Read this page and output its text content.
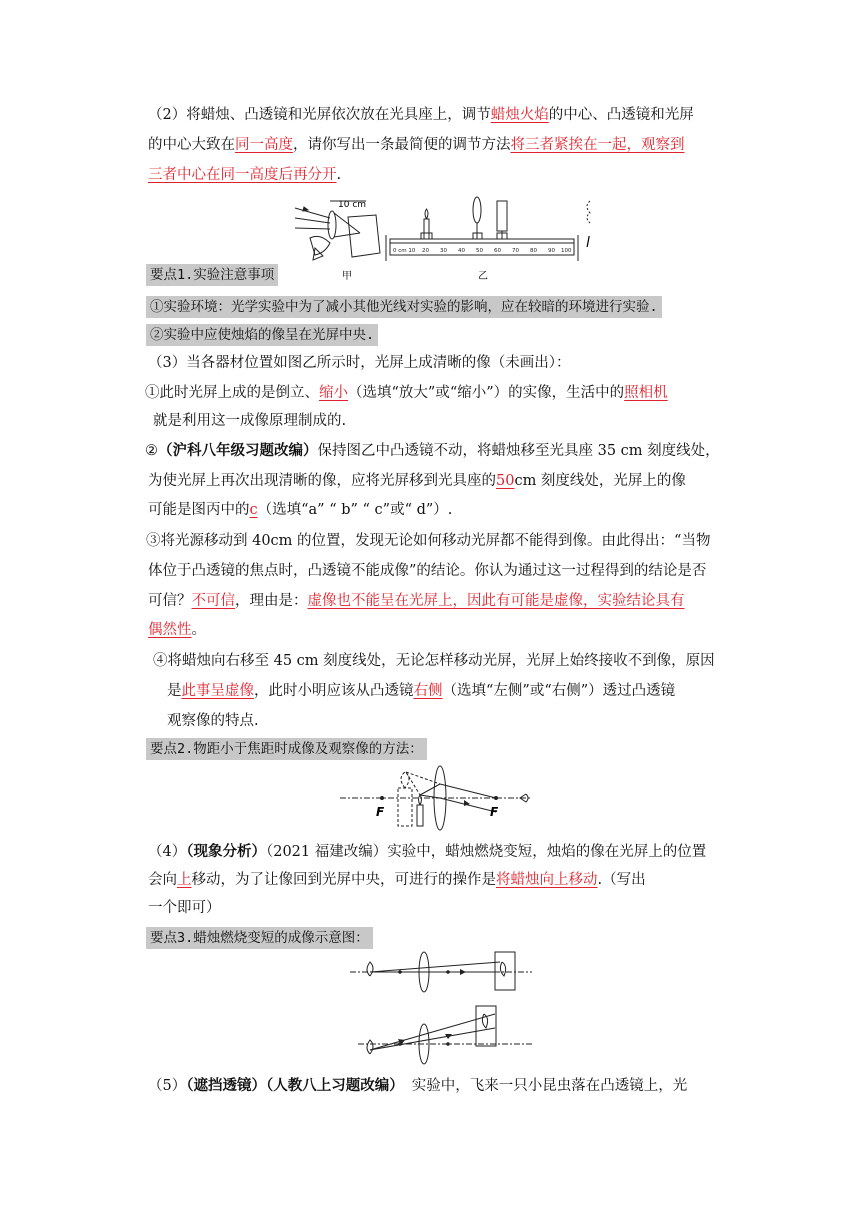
（2）将蜡烛、凸透镜和光屏依次放在光具座上，调节蜡烛火焰的中心、凸透镜和光屏
的中心大致在同一高度，请你写出一条最简便的调节方法将三者紧挨在一起，观察到
三者中心在同一高度后再分开.
10 cm
甲
0 cm 10 20 30 40 50 60 70 80 90 100
乙
l
要点1.实验注意事项
①实验环境：光学实验中为了减小其他光线对实验的影响，应在较暗的环境进行实验.
②实验中应使烛焰的像呈在光屏中央.
（3）当各器材位置如图乙所示时，光屏上成清晰的像（未画出）：
①此时光屏上成的是倒立、缩小（选填“放大”或“缩小”）的实像，生活中的照相机
就是利用这一成像原理制成的.
②（沪科八年级习题改编）保持图乙中凸透镜不动，将蜡烛移至光具座 35 cm 刻度线处，
为使光屏上再次出现清晰的像，应将光屏移到光具座的50cm 刻度线处，光屏上的像
可能是图丙中的c（选填“a” “ b” “ c”或“ d”）.
③将光源移动到 40cm 的位置，发现无论如何移动光屏都不能得到像。由此得出：“当物
体位于凸透镜的焦点时，凸透镜不能成像”的结论。你认为通过这一过程得到的结论是否
可信？不可信，理由是：虚像也不能呈在光屏上，因此有可能是虚像，实验结论具有
偶然性。
④将蜡烛向右移至 45 cm 刻度线处，无论怎样移动光屏，光屏上始终接收不到像，原因
是此事呈虚像，此时小明应该从凸透镜右侧（选填“左侧”或“右侧”）透过凸透镜
观察像的特点.
要点2.物距小于焦距时成像及观察像的方法：
F	F
（4）（现象分析）（2021 福建改编）实验中，蜡烛燃烧变短，烛焰的像在光屏上的位置
会向上移动，为了让像回到光屏中央，可进行的操作是将蜡烛向上移动.（写出
一个即可）
要点3.蜡烛燃烧变短的成像示意图：
（5）（遮挡透镜）（人教八上习题改编） 实验中，飞来一只小昆虫落在凸透镜上，光
